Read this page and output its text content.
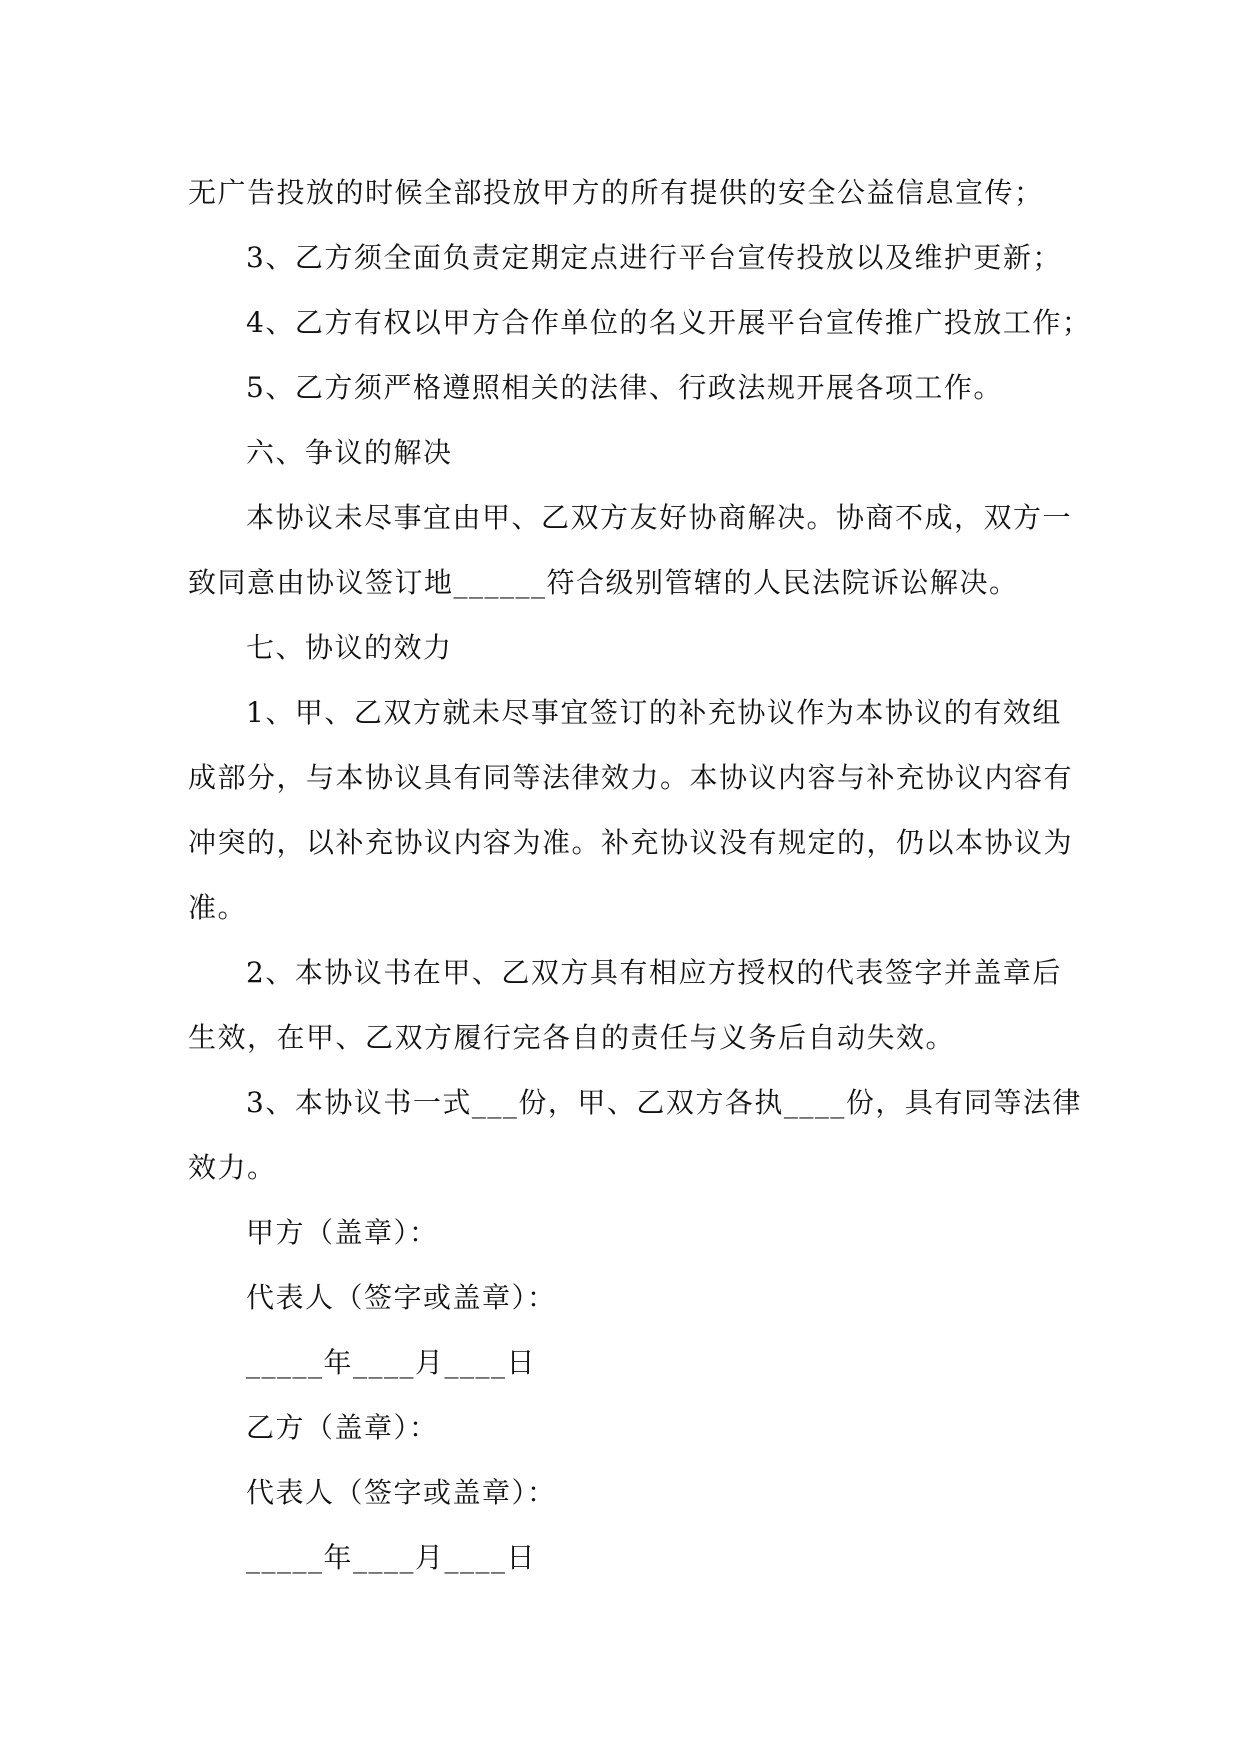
无广告投放的时候全部投放甲方的所有提供的安全公益信息宣传；
3、乙方须全面负责定期定点进行平台宣传投放以及维护更新；
4、乙方有权以甲方合作单位的名义开展平台宣传推广投放工作；
5、乙方须严格遵照相关的法律、行政法规开展各项工作。
六、争议的解决
本协议未尽事宜由甲、乙双方友好协商解决。协商不成，双方一
致同意由协议签订地______符合级别管辖的人民法院诉讼解决。
七、协议的效力
1、甲、乙双方就未尽事宜签订的补充协议作为本协议的有效组
成部分，与本协议具有同等法律效力。本协议内容与补充协议内容有
冲突的，以补充协议内容为准。补充协议没有规定的，仍以本协议为
准。
2、本协议书在甲、乙双方具有相应方授权的代表签字并盖章后
生效，在甲、乙双方履行完各自的责任与义务后自动失效。
3、本协议书一式___份，甲、乙双方各执____份，具有同等法律
效力。
甲方（盖章）：
代表人（签字或盖章）：
_____年____月____日
乙方（盖章）：
代表人（签字或盖章）：
_____年____月____日
